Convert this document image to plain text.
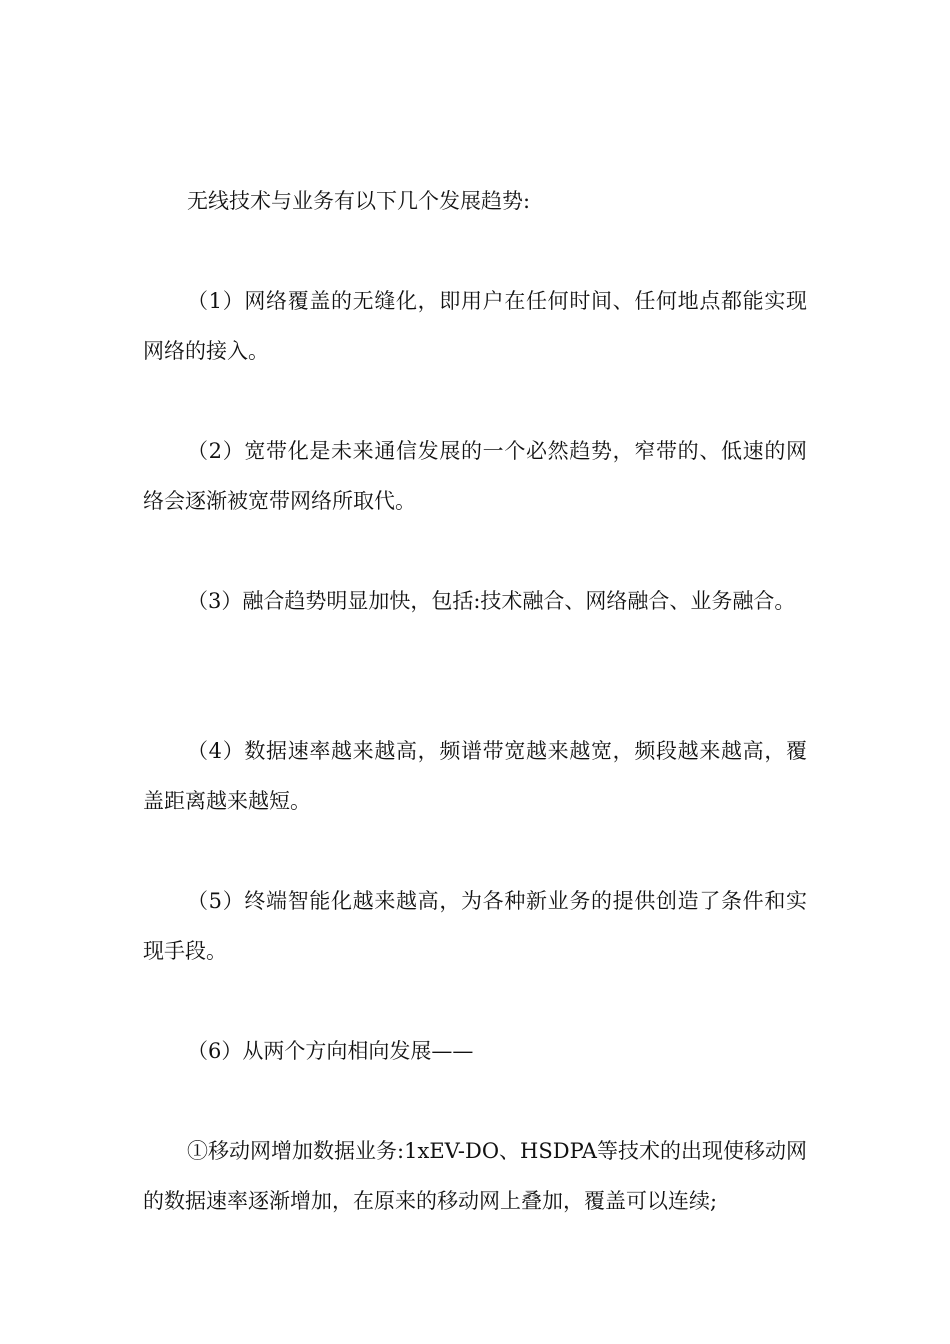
无线技术与业务有以下几个发展趋势:

（1）网络覆盖的无缝化，即用户在任何时间、任何地点都能实现网络的接入。

（2）宽带化是未来通信发展的一个必然趋势，窄带的、低速的网络会逐渐被宽带网络所取代。

（3）融合趋势明显加快，包括:技术融合、网络融合、业务融合。

（4）数据速率越来越高，频谱带宽越来越宽，频段越来越高，覆盖距离越来越短。

（5）终端智能化越来越高，为各种新业务的提供创造了条件和实现手段。

（6）从两个方向相向发展——

①移动网增加数据业务:1xEV-DO、HSDPA等技术的出现使移动网的数据速率逐渐增加，在原来的移动网上叠加，覆盖可以连续;
